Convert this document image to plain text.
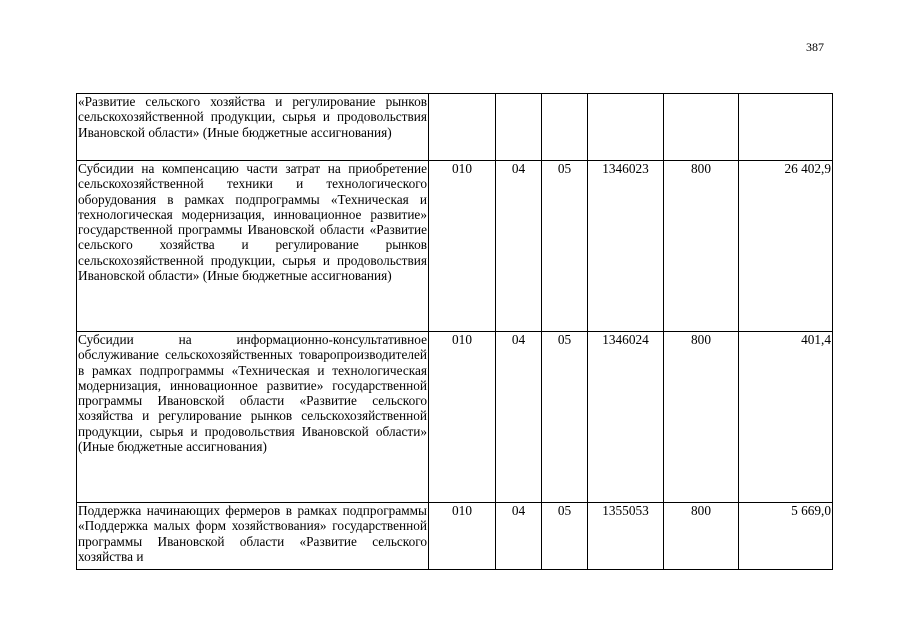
387
«Развитие сельского хозяйства и регулирование рынков сельскохозяйственной продукции, сырья и продовольствия Ивановской области» (Иные бюджетные ассигнования)						
Субсидии на компенсацию части затрат на приобретение сельскохозяйственной техники и технологического оборудования в рамках подпрограммы «Техническая и технологическая модернизация, инновационное развитие» государственной программы Ивановской области «Развитие сельского хозяйства и регулирование рынков сельскохозяйственной продукции, сырья и продовольствия Ивановской области» (Иные бюджетные ассигнования)	010	04	05	1346023	800	26 402,9
Субсидии на информационно-консультативное обслуживание сельскохозяйственных товаропроизводителей в рамках подпрограммы «Техническая и технологическая модернизация, инновационное развитие» государственной программы Ивановской области «Развитие сельского хозяйства и регулирование рынков сельскохозяйственной продукции, сырья и продовольствия Ивановской области» (Иные бюджетные ассигнования)	010	04	05	1346024	800	401,4
Поддержка начинающих фермеров в рамках подпрограммы «Поддержка малых форм хозяйствования» государственной программы Ивановской области «Развитие сельского хозяйства и	010	04	05	1355053	800	5 669,0
